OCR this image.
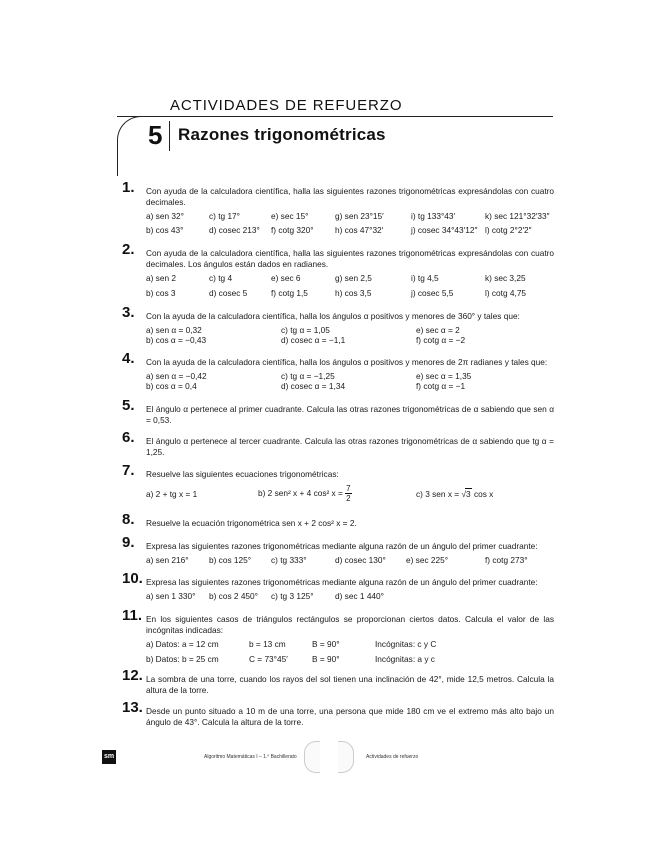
ACTIVIDADES DE REFUERZO
5 Razones trigonométricas
1.	Con ayuda de la calculadora científica, halla las siguientes razones trigonométricas expresándolas con cuatro decimales.
a) sen 32°	c) tg 17°	e) sec 15°	g) sen 23°15′	i) tg 133°43′	k) sec 121°32′33″
b) cos 43°	d) cosec 213° f) cotg 320°	h) cos 47°32′	j) cosec 34°43′12″ l) cotg 2°2′2″
2.	Con ayuda de la calculadora científica, halla las siguientes razones trigonométricas expresándolas con cuatro decimales. Los ángulos están dados en radianes.
a) sen 2	c) tg 4	e) sec 6	g) sen 2,5	i) tg 4,5	k) sec 3,25
b) cos 3	d) cosec 5	f) cotg 1,5	h) cos 3,5	j) cosec 5,5	l) cotg 4,75
3.	Con la ayuda de la calculadora científica, halla los ángulos α positivos y menores de 360° y tales que:
a) sen α = 0,32	c) tg α = 1,05	e) sec α = 2
b) cos α = −0,43	d) cosec α = −1,1	f) cotg α = −2
4.	Con la ayuda de la calculadora científica, halla los ángulos α positivos y menores de 2π radianes y tales que:
a) sen α = −0,42	c) tg α = −1,25	e) sec α = 1,35
b) cos α = 0,4	d) cosec α = 1,34	f) cotg α = −1
5.	El ángulo α pertenece al primer cuadrante. Calcula las otras razones trigonométricas de α sabiendo que sen α = 0,53.
6.	El ángulo α pertenece al tercer cuadrante. Calcula las otras razones trigonométricas de α sabiendo que tg α = 1,25.
7.	Resuelve las siguientes ecuaciones trigonométricas:
a) 2 + tg x = 1	b) 2 sen² x + 4 cos² $x = \frac{7}{2}$	c) 3 sen x = √3 cos x
8.	Resuelve la ecuación trigonométrica sen x + 2 cos² x = 2.
9.	Expresa las siguientes razones trigonométricas mediante alguna razón de un ángulo del primer cuadrante:
a) sen 216° b) cos 125° c) tg 333°	d) cosec 130° e) sec 225°	f) cotg 273°
10. Expresa las siguientes razones trigonométricas mediante alguna razón de un ángulo del primer cuadrante:
a) sen 1 330° b) cos 2 450° c) tg 3 125°	d) sec 1 440°
11. En los siguientes casos de triángulos rectángulos se proporcionan ciertos datos. Calcula el valor de las incógnitas indicadas:
a) Datos: a = 12 cm	b = 13 cm	B = 90°	Incógnitas: c y C
b) Datos: b = 25 cm	C = 73°45′	B = 90°	Incógnitas: a y c
12. La sombra de una torre, cuando los rayos del sol tienen una inclinación de 42°, mide 12,5 metros. Calcula la altura de la torre.
13. Desde un punto situado a 10 m de una torre, una persona que mide 180 cm ve el extremo más alto bajo un ángulo de 43°. Calcula la altura de la torre.
sm	Algoritmo Matemáticas I – 1.º Bachillerato	Actividades de refuerzo
